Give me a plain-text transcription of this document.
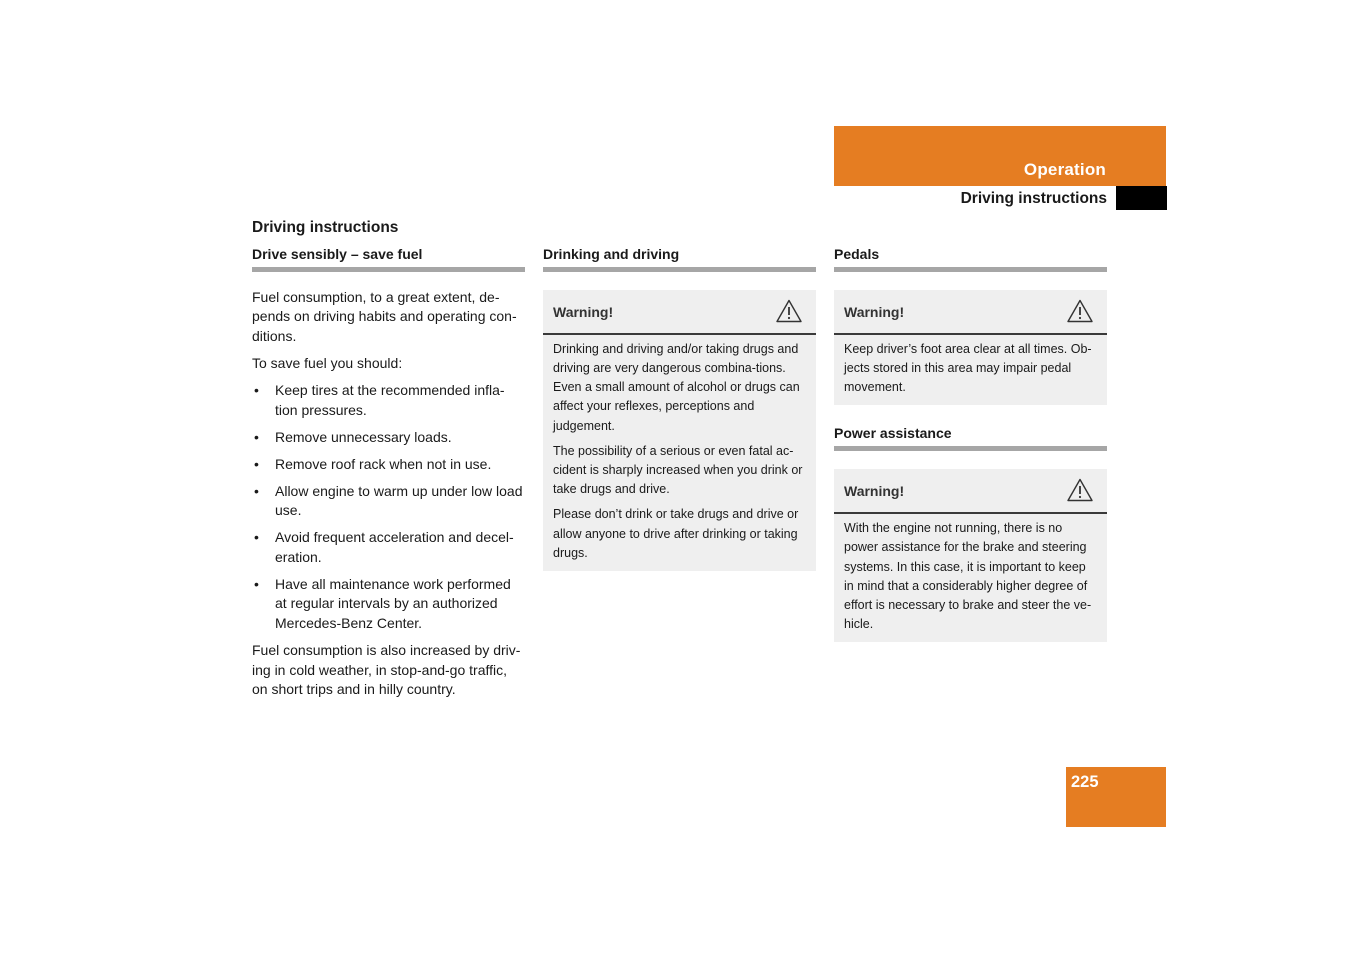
Operation
Driving instructions
Driving instructions
Drive sensibly – save fuel

Fuel consumption, to a great extent, de-pends on driving habits and operating con-ditions.

To save fuel you should:

• Keep tires at the recommended infla-tion pressures.
• Remove unnecessary loads.
• Remove roof rack when not in use.
• Allow engine to warm up under low load use.
• Avoid frequent acceleration and decel-eration.
• Have all maintenance work performed at regular intervals by an authorized Mercedes-Benz Center.

Fuel consumption is also increased by driv-ing in cold weather, in stop-and-go traffic, on short trips and in hilly country.

Drinking and driving
Warning!

Drinking and driving and/or taking drugs and driving are very dangerous combina-tions. Even a small amount of alcohol or drugs can affect your reflexes, perceptions and judgement.

The possibility of a serious or even fatal ac-cident is sharply increased when you drink or take drugs and drive.

Please don’t drink or take drugs and drive or allow anyone to drive after drinking or taking drugs.

Pedals
Warning!

Keep driver’s foot area clear at all times. Ob-jects stored in this area may impair pedal movement.

Power assistance
Warning!

With the engine not running, there is no power assistance for the brake and steering systems. In this case, it is important to keep in mind that a considerably higher degree of effort is necessary to brake and steer the ve-hicle.

225
